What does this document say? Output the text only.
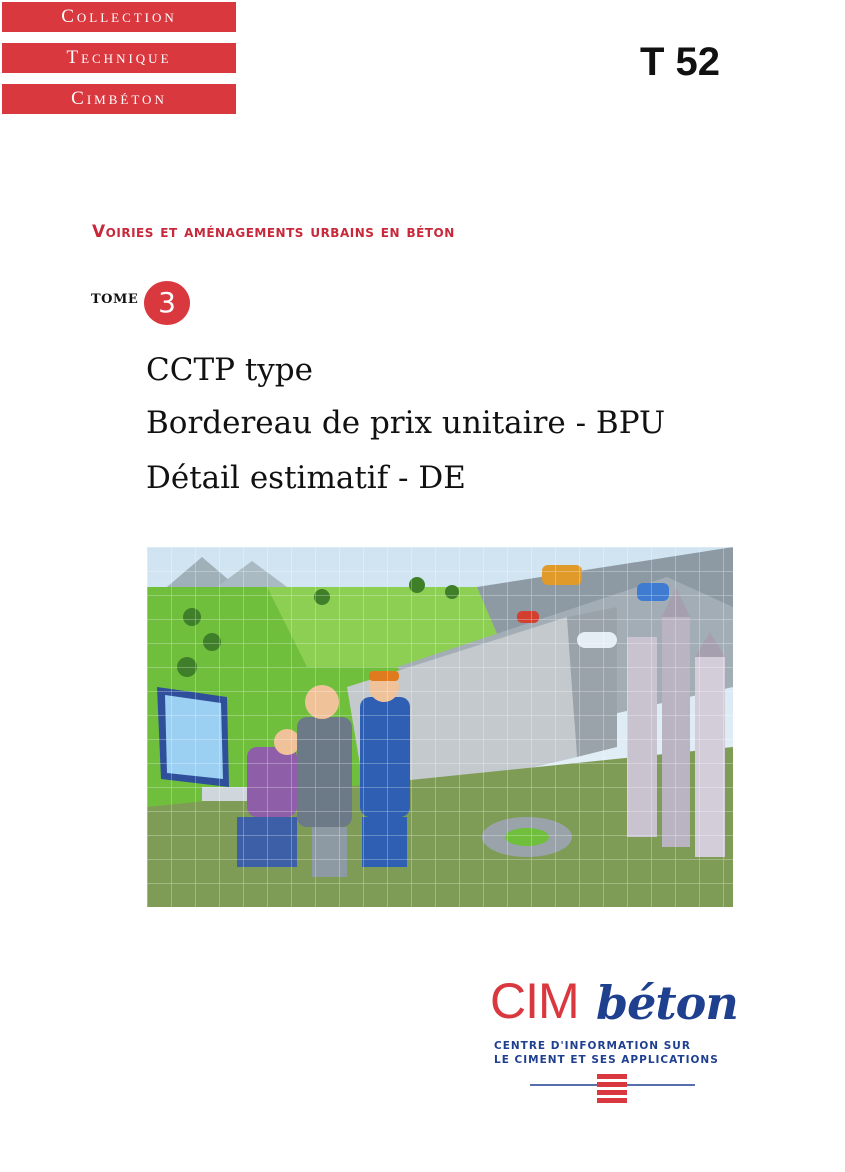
Collection
Technique
Cimbéton
T 52
Voiries et aménagements urbains en béton
TOME 3
CCTP type
Bordereau de prix unitaire - BPU
Détail estimatif - DE
CIM béton
CENTRE D'INFORMATION SUR
LE CIMENT ET SES APPLICATIONS
